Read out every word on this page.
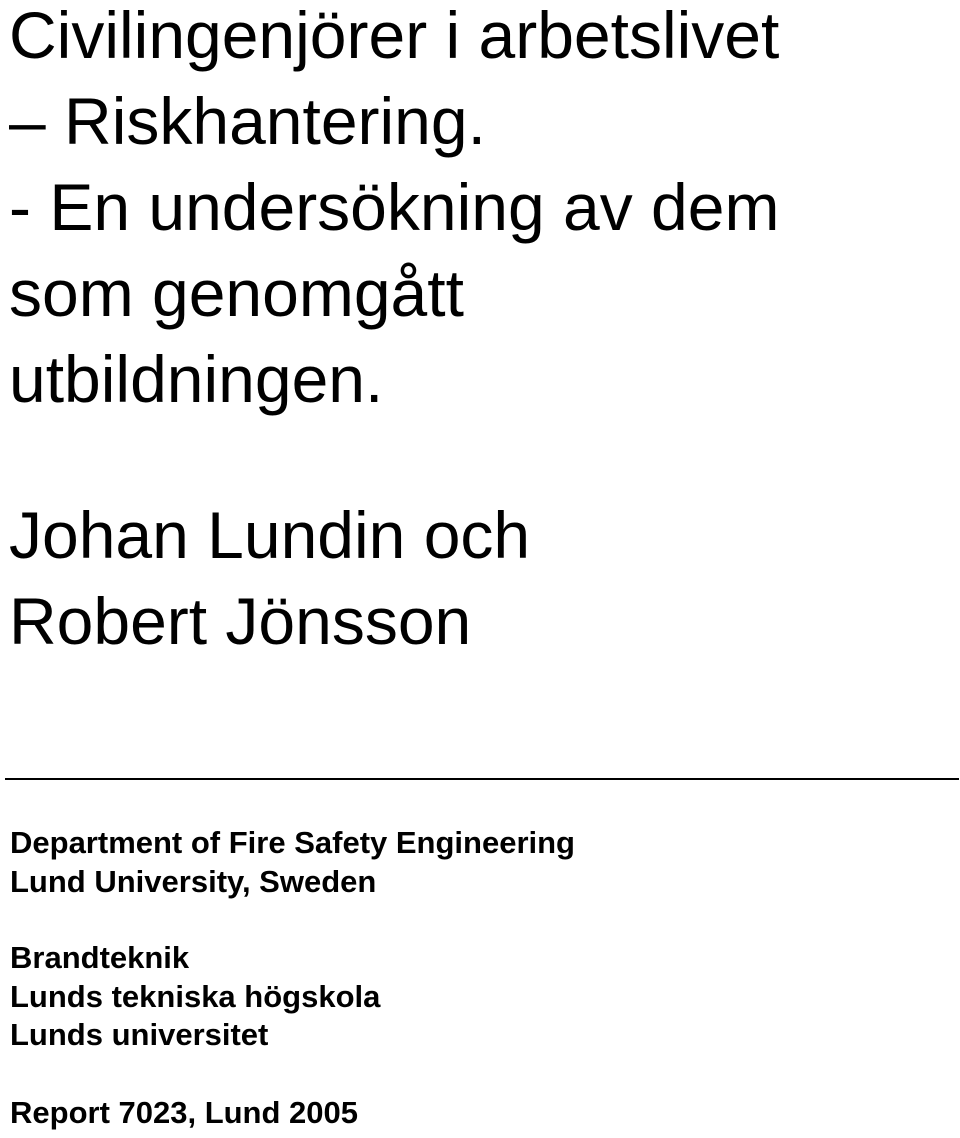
Civilingenjörer i arbetslivet
– Riskhantering.
- En undersökning av dem
som genomgått
utbildningen.
Johan Lundin och
Robert Jönsson
Department of Fire Safety Engineering
Lund University, Sweden
Brandteknik
Lunds tekniska högskola
Lunds universitet
Report 7023, Lund 2005
